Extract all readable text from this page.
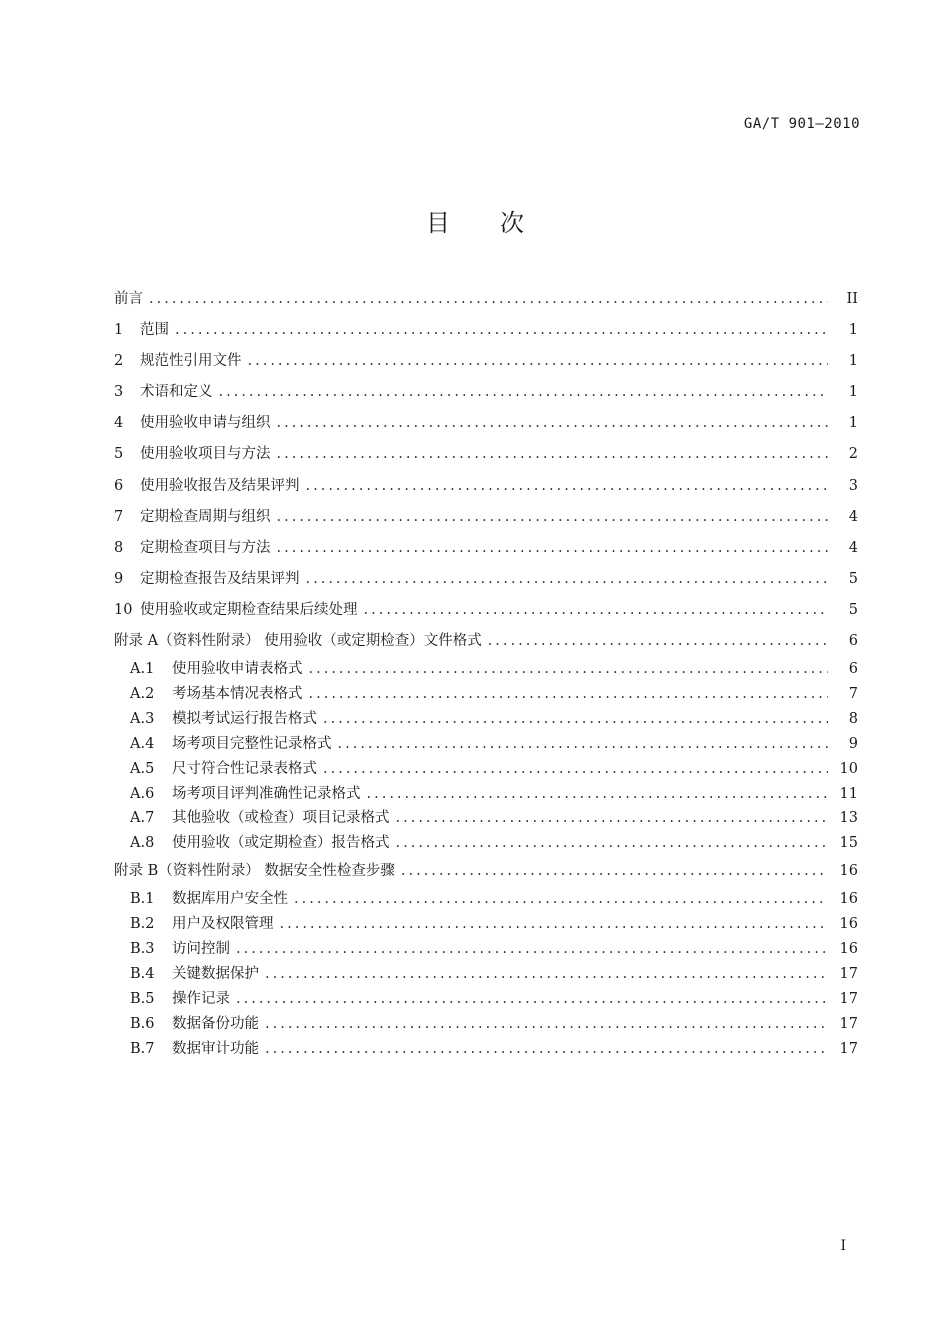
GA/T 901—2010
目 次
前言 .....	II
1 范围 .....	1
2 规范性引用文件 .....	1
3 术语和定义 .....	1
4 使用验收申请与组织 .....	1
5 使用验收项目与方法 .....	2
6 使用验收报告及结果评判 .....	3
7 定期检查周期与组织 .....	4
8 定期检查项目与方法 .....	4
9 定期检查报告及结果评判 .....	5
10 使用验收或定期检查结果后续处理 .....	5
附录 A（资料性附录） 使用验收（或定期检查）文件格式 .....	6
A.1 使用验收申请表格式 .....	6
A.2 考场基本情况表格式 .....	7
A.3 模拟考试运行报告格式 .....	8
A.4 场考项目完整性记录格式 .....	9
A.5 尺寸符合性记录表格式 .....	10
A.6 场考项目评判准确性记录格式 .....	11
A.7 其他验收（或检查）项目记录格式 .....	13
A.8 使用验收（或定期检查）报告格式 .....	15
附录 B（资料性附录） 数据安全性检查步骤 .....	16
B.1 数据库用户安全性 .....	16
B.2 用户及权限管理 .....	16
B.3 访问控制 .....	16
B.4 关键数据保护 .....	17
B.5 操作记录 .....	17
B.6 数据备份功能 .....	17
B.7 数据审计功能 .....	17
I
